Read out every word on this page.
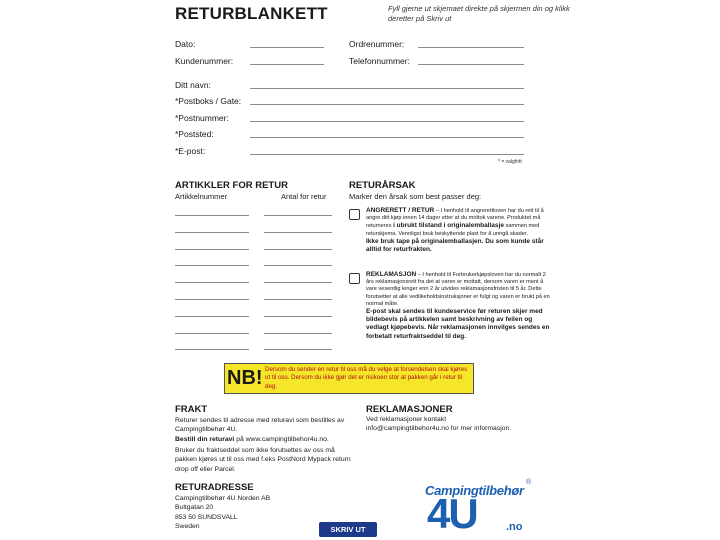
RETURBLANKETT	Fyll gjerne ut skjemaet direkte på skjermen din og klikk deretter på Skriv ut
Dato:	Ordrenummer:
Kundenummer:	Telefonnummer:
Ditt navn:
*Postboks / Gate:
*Postnummer:
*Poststed:
*E-post:
* = valgfritt
ARTIKKLER FOR RETUR
Artikkelnummer	Antal for retur
RETURÅRSAK
Marker den årsak som best passer deg:
ANGRERETT / RETUR – I henhold til angrerettloven har du rett til å angre ditt kjøp innen 14 dager etter at du mottok varene. Produktet må returneres i ubrukt tilstand i originalemballasje sammen med returskjema. Vennligst bruk beskyttende plast for å unngå skader.
Ikke bruk tape på originalemballasjen. Du som kunde står alltid for returfrakten.
REKLAMASJON – I henhold til Forbrukerkjøpsloven har du normalt 2 års reklamasjonsrett fra det at varen er mottatt, dersom varen er ment å vare vesentlig lenger enn 2 år utvides reklamasjonsfristen til 5 år. Dette forutsetter at alle vedlikeholdsinstruksjoner er fulgt og varen er brukt på en normal måte.
E-post skal sendes til kundeservice før returen skjer med bildebevis på artikkelen samt beskrivning av feilen og vedlagt kjøpebevis. Når reklamasjonen innvilges sendes en forbetalt returfraktseddel til deg.
NB! Dersom du sender en retur til oss må du velge at forsendelsen skal kjøres ut til oss. Dersom du ikke gjør det er risikoen stor at pakken går i retur til deg.
FRAKT
Returer sendes til adresse med returavi som bestilles av Campingtilbehør 4U.
Bestill din returavi på www.campingtilbehor4u.no.
Bruker du fraktseddel som ikke forutsettes av oss må pakken kjøres ut til oss med f.eks PostNord Mypack return drop off eller Parcel.
REKLAMASJONER
Ved reklamasjoner kontakt
info@campingtilbehor4u.no for mer informasjon.
RETURADRESSE
Campingtilbehør 4U Norden AB
Bultgatan 20
853 50 SUNDSVALL
Sweden	SKRIV UT
Campingtilbehør
®
4U	.no
